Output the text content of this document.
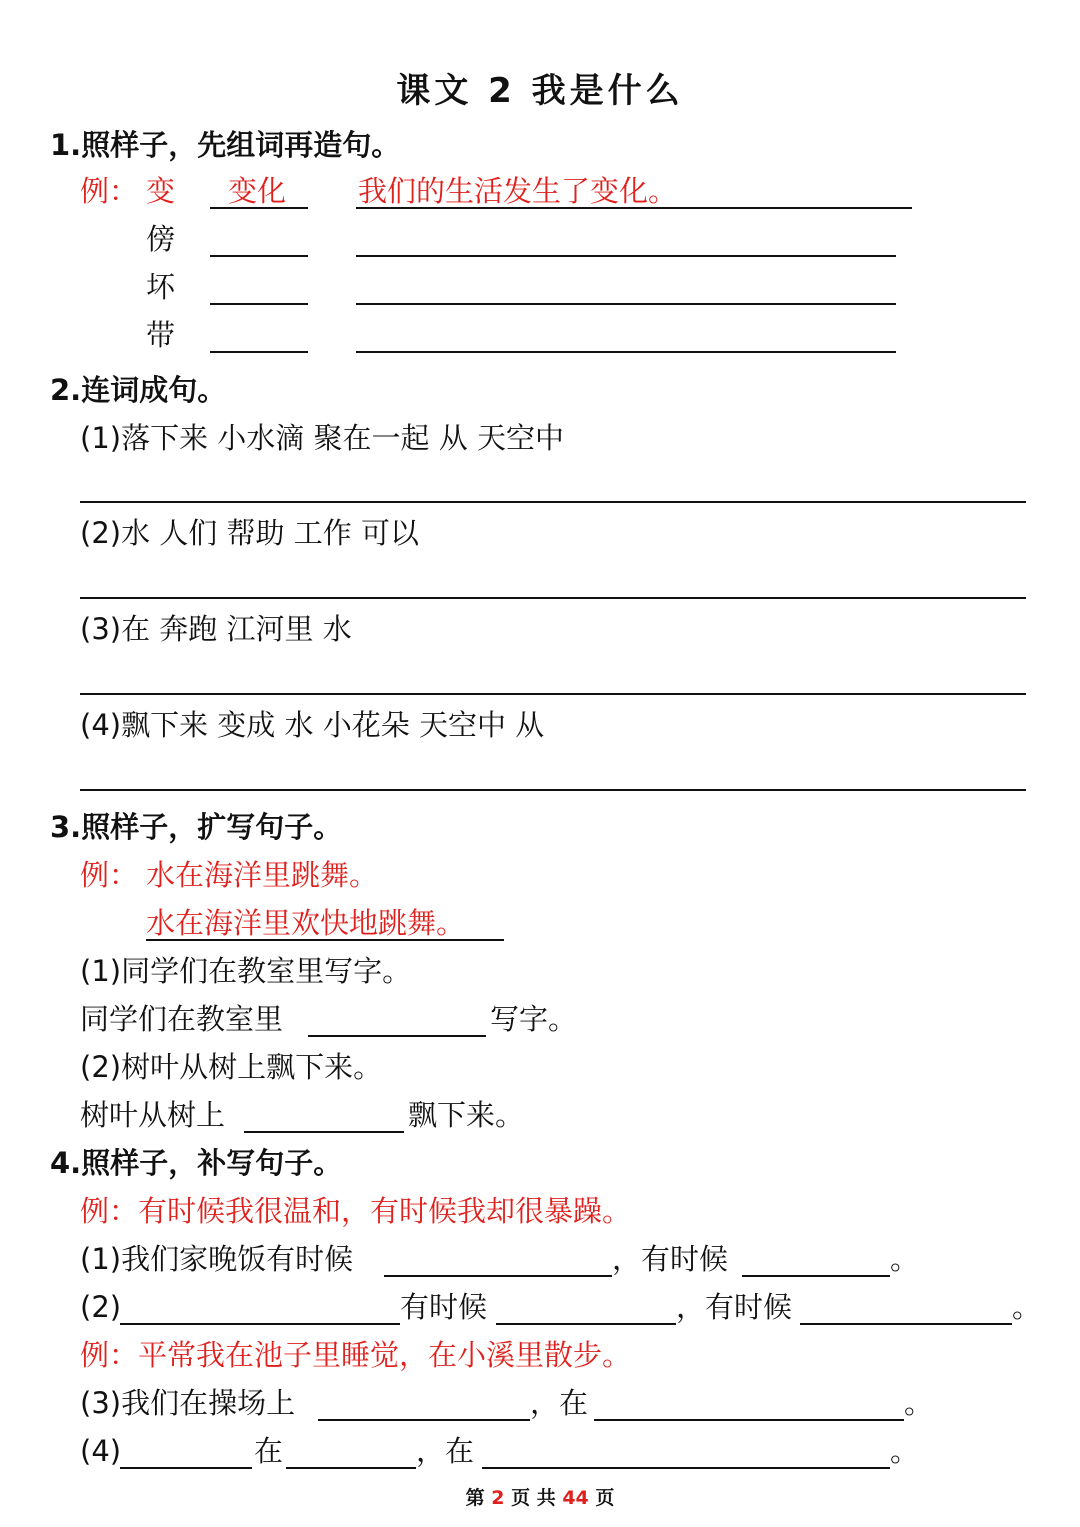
课文 2 我是什么
1.照样子，先组词再造句。
例： 变 变化 我们的生活发生了变化。
傍
坏
带
2.连词成句。
(1)落下来 小水滴 聚在一起 从 天空中
(2)水 人们 帮助 工作 可以
(3)在 奔跑 江河里 水
(4)飘下来 变成 水 小花朵 天空中 从
3.照样子，扩写句子。
例： 水在海洋里跳舞。
水在海洋里欢快地跳舞。
(1)同学们在教室里写字。
同学们在教室里	写字。
(2)树叶从树上飘下来。
树叶从树上	飘下来。
4.照样子，补写句子。
例：有时候我很温和，有时候我却很暴躁。
(1)我们家晚饭有时候	，有时候	。
(2)	有时候	，有时候	。
例：平常我在池子里睡觉，在小溪里散步。
(3)我们在操场上	，在	。
(4)	在	，在	。
第 2 页 共 44 页
